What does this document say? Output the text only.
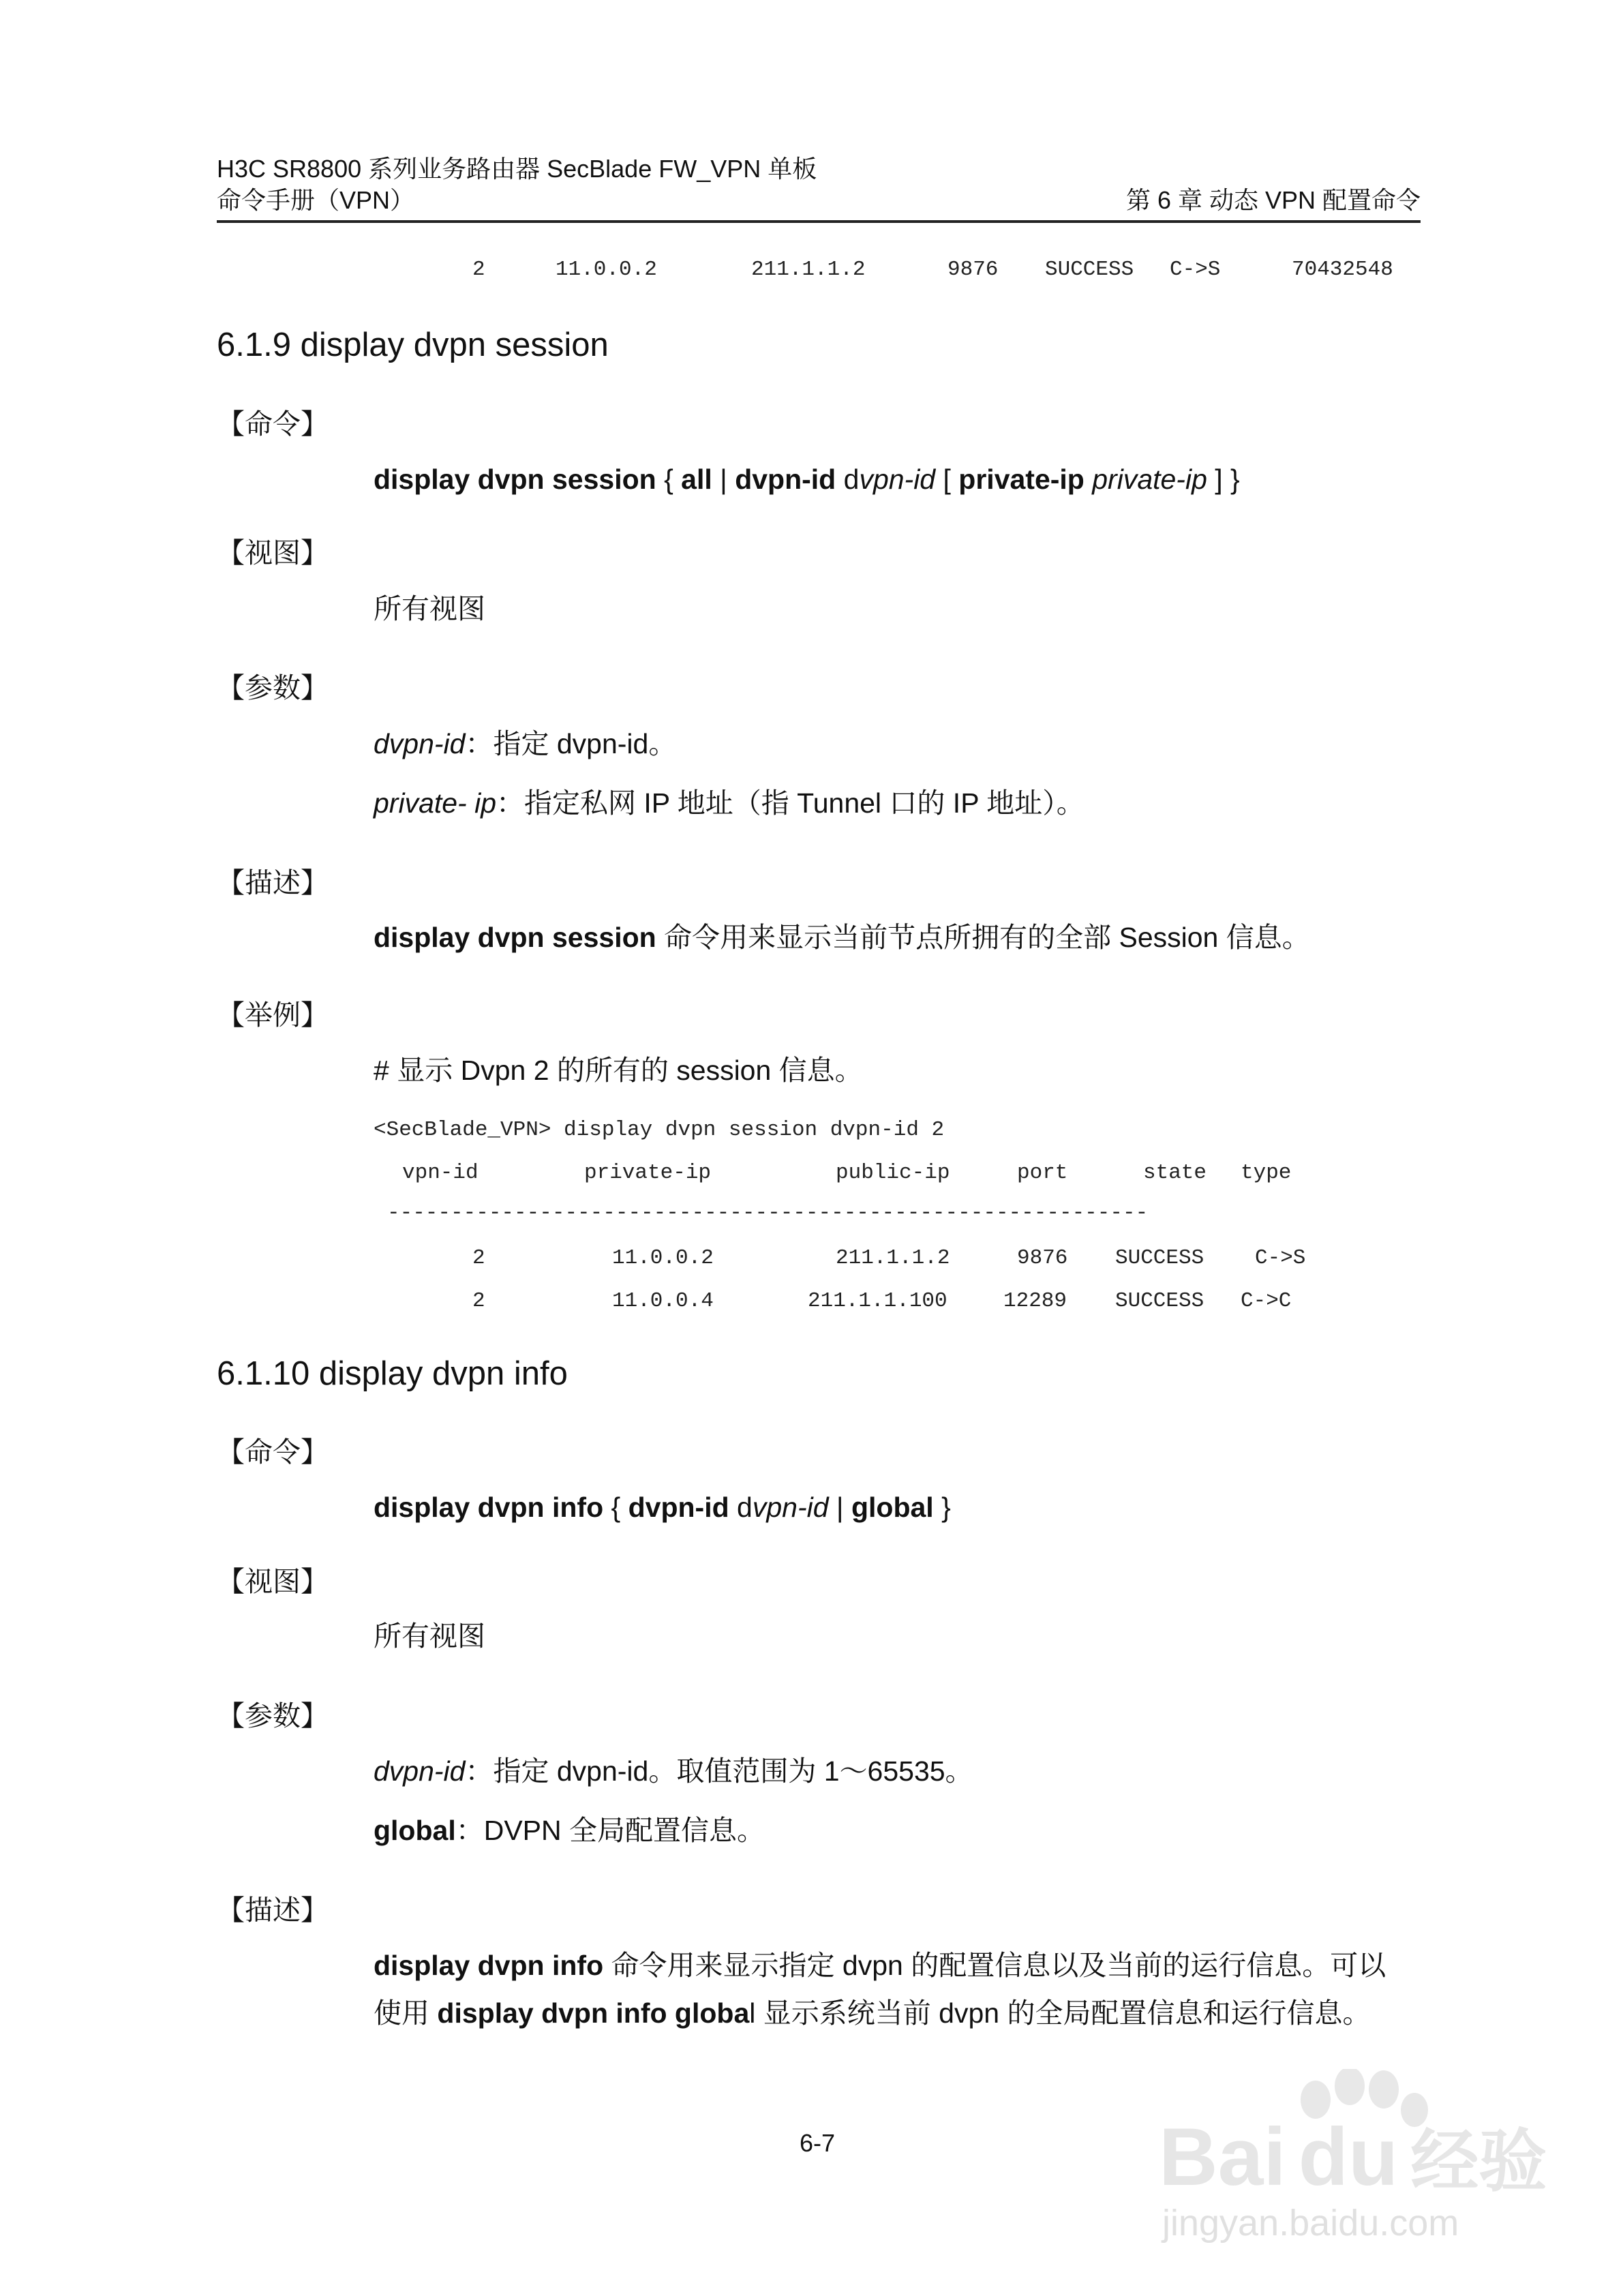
H3C SR8800 系列业务路由器 SecBlade FW_VPN 单板
命令手册（VPN）	第 6 章 动态 VPN 配置命令
2	11.0.0.2	211.1.1.2	9876 SUCCESS C->S	70432548
6.1.9 display dvpn session
【命令】
display dvpn session { all | dvpn-id dvpn-id [ private-ip private-ip ] }
【视图】
所有视图
【参数】
dvpn-id：指定 dvpn-id。
private- ip：指定私网 IP 地址（指 Tunnel 口的 IP 地址）。
【描述】
display dvpn session 命令用来显示当前节点所拥有的全部 Session 信息。
【举例】
# 显示 Dvpn 2 的所有的 session 信息。
<SecBlade_VPN> display dvpn session dvpn-id 2
vpn-id	private-ip	public-ip	port	state type
------------------------------------------------------------
2	11.0.0.2	211.1.1.2	9876 SUCCESS C->S
2	11.0.0.4	211.1.1.100	12289 SUCCESS C->C
6.1.10 display dvpn info
【命令】
display dvpn info { dvpn-id dvpn-id | global }
【视图】
所有视图
【参数】
dvpn-id：指定 dvpn-id。取值范围为 1～65535。
global：DVPN 全局配置信息。
【描述】
display dvpn info 命令用来显示指定 dvpn 的配置信息以及当前的运行信息。可以
使用 display dvpn info global 显示系统当前 dvpn 的全局配置信息和运行信息。
6-7	Bai du 经验
jingyan.baidu.com
